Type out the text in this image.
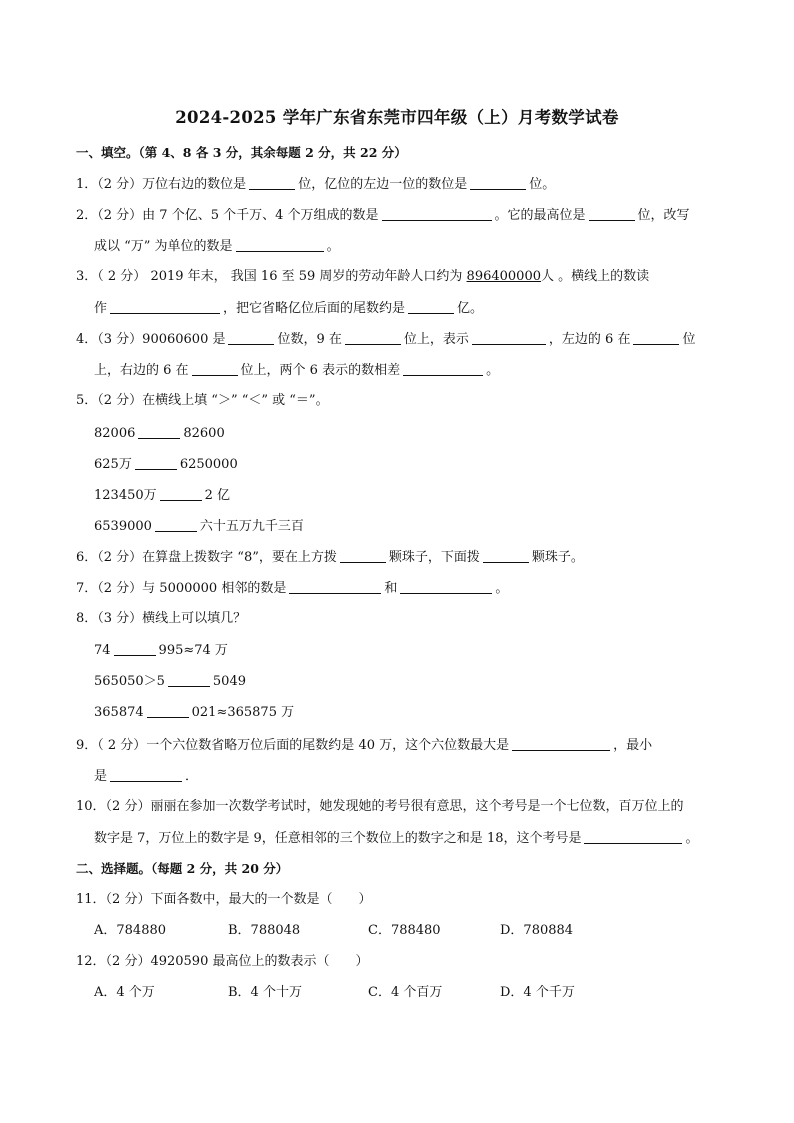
2024-2025 学年广东省东莞市四年级（上）月考数学试卷
一、填空。（第 4、8 各 3 分，其余每题 2 分，共 22 分）
1．（2 分）万位右边的数位是	位，亿位的左边一位的数位是	位。
2．（2 分）由 7 个亿、5 个千万、4 个万组成的数是	。它的最高位是	位，改写
成以 “万” 为单位的数是	。
3．（ 2 分） 2019 年末， 我国 16 至 59 周岁的劳动年龄人口约为 896400000人 。横线上的数读
作	，把它省略亿位后面的尾数约是	亿。
4．（3 分）90060600 是	位数，9 在	位上，表示	，左边的 6 在	位
上，右边的 6 在	位上，两个 6 表示的数相差	。
5．（2 分）在横线上填 “＞” “＜” 或 “＝”。
82006	82600
625万	6250000
123450万	2 亿
6539000	六十五万九千三百
6．（2 分）在算盘上拨数字 “8”，要在上方拨	颗珠子，下面拨	颗珠子。
7．（2 分）与 5000000 相邻的数是	和	。
8．（3 分）横线上可以填几？
74	995≈74 万
565050＞5	5049
365874	021≈365875 万
9．（ 2 分）一个六位数省略万位后面的尾数约是 40 万，这个六位数最大是	，最小
是	．
10．（2 分）丽丽在参加一次数学考试时，她发现她的考号很有意思，这个考号是一个七位数，百万位上的
数字是 7，万位上的数字是 9，任意相邻的三个数位上的数字之和是 18，这个考号是	。
二、选择题。（每题 2 分，共 20 分）
11．（2 分）下面各数中，最大的一个数是（　　）
A．784880	B．788048	C．788480	D．780884
12．（2 分）4920590 最高位上的数表示（　　）
A．4 个万	B．4 个十万	C．4 个百万	D．4 个千万
